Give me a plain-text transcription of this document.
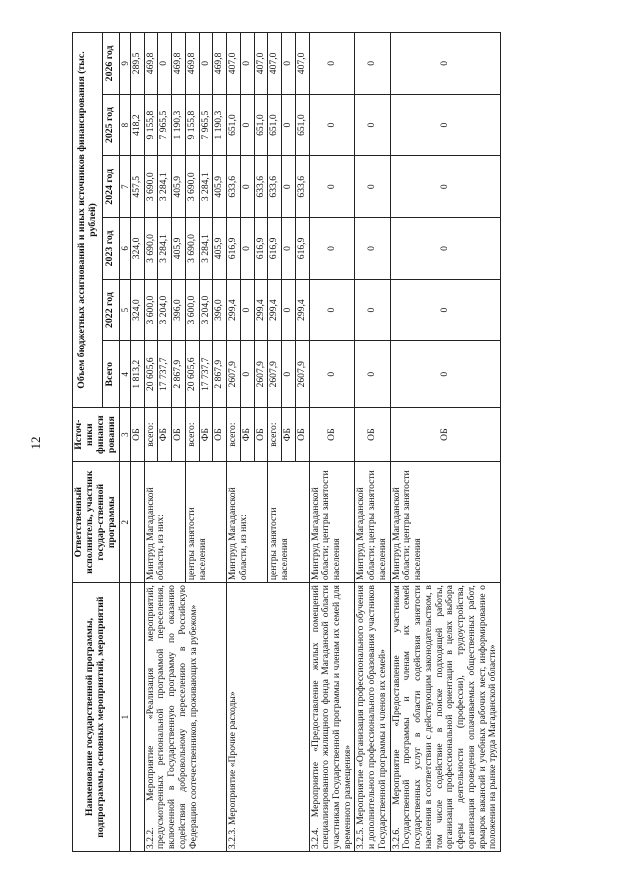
12
Наименование государственной программы, подпрограммы, основных мероприятий, мероприятий	Ответственный исполнитель, участник государ-ственной программы	Источ-ники финанси рования	Объем бюджетных ассигнований и иных источников финансирования (тыс. рублей)					
			Всего	2022 год	2023 год	2024 год	2025 год	2026 год
1	2	3	4	5	6	7	8	9
		ОБ	1 813,2	324,0	324,0	457,5	418,2	289,5
3.2.2. Мероприятие «Реализация мероприятий, предусмотренных региональной программой переселения, включенной в Государственную программу по оказанию содействия добровольному переселению в Российскую Федерацию соотечественников, проживающих за рубежом»	Минтруд Магаданской области, из них:	всего:	20 605,6	3 600,0	3 690,0	3 690,0	9 155,8	469,8
		ФБ	17 737,7	3 204,0	3 284,1	3 284,1	7 965,5	0
		ОБ	2 867,9	396,0	405,9	405,9	1 190,3	469,8
	центры занятости населения	всего:	20 605,6	3 600,0	3 690,0	3 690,0	9 155,8	469,8
		ФБ	17 737,7	3 204,0	3 284,1	3 284,1	7 965,5	0
		ОБ	2 867,9	396,0	405,9	405,9	1 190,3	469,8
3.2.3. Мероприятие «Прочие расходы»	Минтруд Магаданской области, из них:	всего:	2607,9	299,4	616,9	633,6	651,0	407,0
		ФБ	0	0	0	0	0	0
		ОБ	2607,9	299,4	616,9	633,6	651,0	407,0
	центры занятости населения	всего:	2607,9	299,4	616,9	633,6	651,0	407,0
		ФБ	0	0	0	0	0	0
		ОБ	2607,9	299,4	616,9	633,6	651,0	407,0
3.2.4. Мероприятие «Предоставление жилых помещений специализированного жилищного фонда Магаданской области участникам Государственной программы и членам их семей для временного размещения»	Минтруд Магаданской области; центры занятости населения	ОБ	0	0	0	0	0	0
3.2.5. Мероприятие «Организация профессионального обучения и дополнительного профессионального образования участников Государственной программы и членов их семей»	Минтруд Магаданской области; центры занятости населения	ОБ	0	0	0	0	0	0
3.2.6. Мероприятие «Предоставление участникам Государственной программы и членам их семей государственных услуг в области содействия занятости населения в соответствии с действующим законодательством, в том числе содействие в поиске подходящей работы, организация профессиональной ориентации в целях выбора сферы деятельности (профессии), трудоустройства, организация проведения оплачиваемых общественных работ, ярмарок вакансий и учебных рабочих мест, информирование о положении на рынке труда Магаданской области»	Минтруд Магаданской области; центры занятости населения	ОБ	0	0	0	0	0	0
